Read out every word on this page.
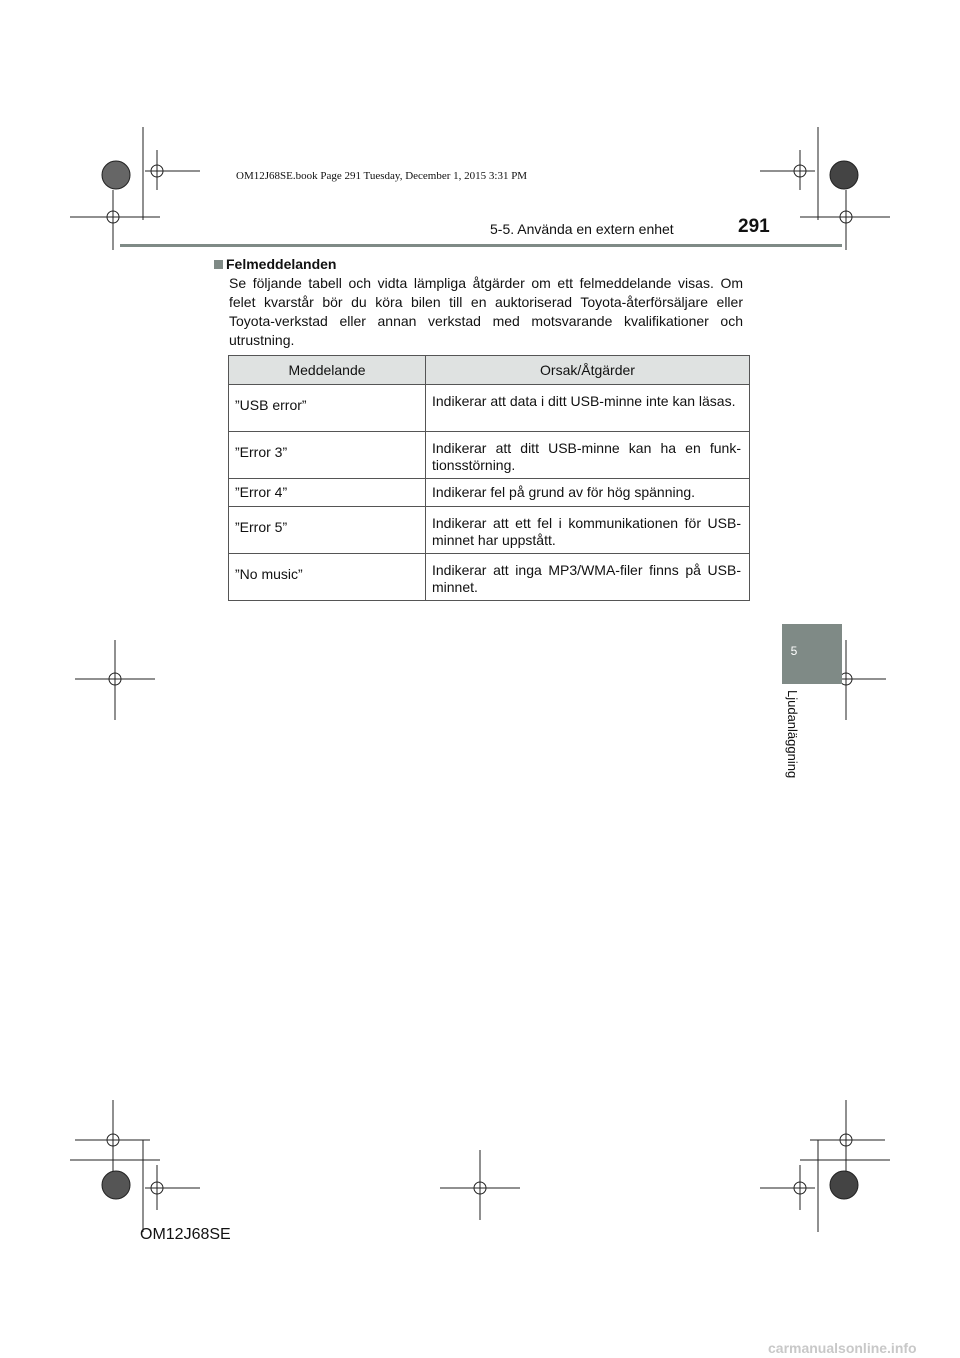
OM12J68SE.book Page 291 Tuesday, December 1, 2015 3:31 PM
5-5. Använda en extern enhet	291
Felmeddelanden

Se följande tabell och vidta lämpliga åtgärder om ett felmeddelande visas. Om felet kvarstår bör du köra bilen till en auktoriserad Toyota-återförsäljare eller Toyota-verkstad eller annan verkstad med motsvarande kvalifikationer och utrustning.

Meddelande	Orsak/Åtgärder
”USB error”	Indikerar att data i ditt USB-minne inte kan läsas.
”Error 3”	Indikerar att ditt USB-minne kan ha en funk-tionsstörning.
”Error 4”	Indikerar fel på grund av för hög spänning.
”Error 5”	Indikerar att ett fel i kommunikationen för USB-minnet har uppstått.
”No music”	Indikerar att inga MP3/WMA-filer finns på USB-minnet.
5
Ljudanläggning
OM12J68SE
carmanualsonline.info
